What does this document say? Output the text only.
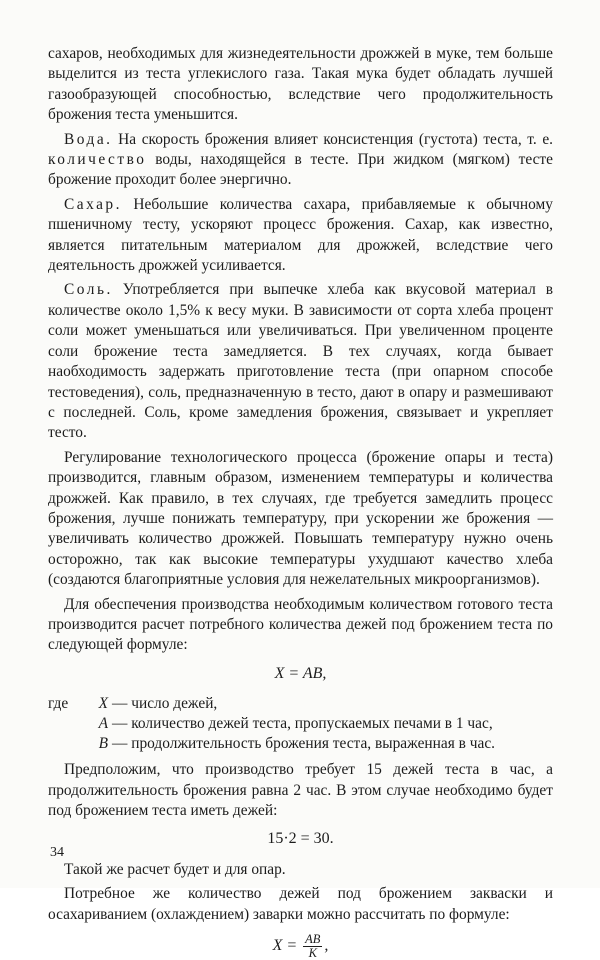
сахаров, необходимых для жизнедеятельности дрожжей в муке, тем больше выделится из теста углекислого газа. Такая мука будет обладать лучшей газообразующей способностью, вследствие чего продолжительность брожения теста уменьшится.

Вода. На скорость брожения влияет консистенция (густота) теста, т. е. количество воды, находящейся в тесте. При жидком (мягком) тесте брожение проходит более энергично.

Сахар. Небольшие количества сахара, прибавляемые к обычному пшеничному тесту, ускоряют процесс брожения. Сахар, как известно, является питательным материалом для дрожжей, вследствие чего деятельность дрожжей усиливается.

Соль. Употребляется при выпечке хлеба как вкусовой материал в количестве около 1,5% к весу муки. В зависимости от сорта хлеба процент соли может уменьшаться или увеличиваться. При увеличенном проценте соли брожение теста замедляется. В тех случаях, когда бывает наобходимость задержать приготовление теста (при опарном способе тестоведения), соль, предназначенную в тесто, дают в опару и размешивают с последней. Соль, кроме замедления брожения, связывает и укрепляет тесто.

Регулирование технологического процесса (брожение опары и теста) производится, главным образом, изменением температуры и количества дрожжей. Как правило, в тех случаях, где требуется замедлить процесс брожения, лучше понижать температуру, при ускорении же брожения — увеличивать количество дрожжей. Повышать температуру нужно очень осторожно, так как высокие температуры ухудшают качество хлеба (создаются благоприятные условия для нежелательных микроорганизмов).

Для обеспечения производства необходимым количеством готового теста производится расчет потребного количества дежей под брожением теста по следующей формуле:

X = AB,
где	X — число дежей,
A — количество дежей теста, пропускаемых печами в 1 час,
B — продолжительность брожения теста, выраженная в час.

Предположим, что производство требует 15 дежей теста в час, а продолжительность брожения равна 2 час. В этом случае необходимо будет под брожением теста иметь дежей:

15·2 = 30.

Такой же расчет будет и для опар.

Потребное же количество дежей под брожением закваски и осахариванием (охлаждением) заварки можно рассчитать по формуле:

$X = \frac{AB}{K}$ ,
34
